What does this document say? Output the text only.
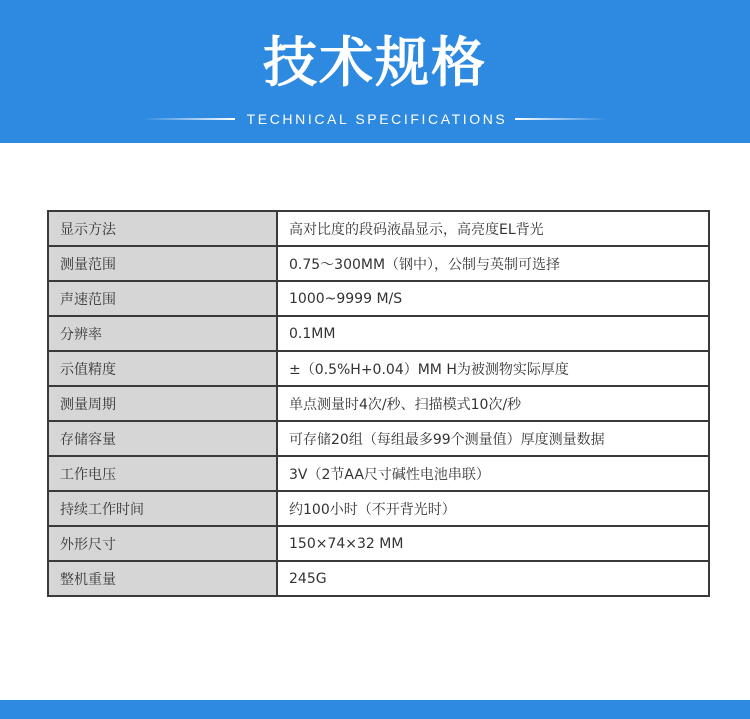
技术规格
TECHNICAL SPECIFICATIONS
显示方法	高对比度的段码液晶显示，高亮度EL背光
测量范围	0.75～300MM（钢中），公制与英制可选择
声速范围	1000~9999 M/S
分辨率	0.1MM
示值精度	±（0.5%H+0.04）MM H为被测物实际厚度
测量周期	单点测量时4次/秒、扫描模式10次/秒
存储容量	可存储20组（每组最多99个测量值）厚度测量数据
工作电压	3V（2节AA尺寸碱性电池串联）
持续工作时间	约100小时（不开背光时）
外形尺寸	150×74×32 MM
整机重量	245G
